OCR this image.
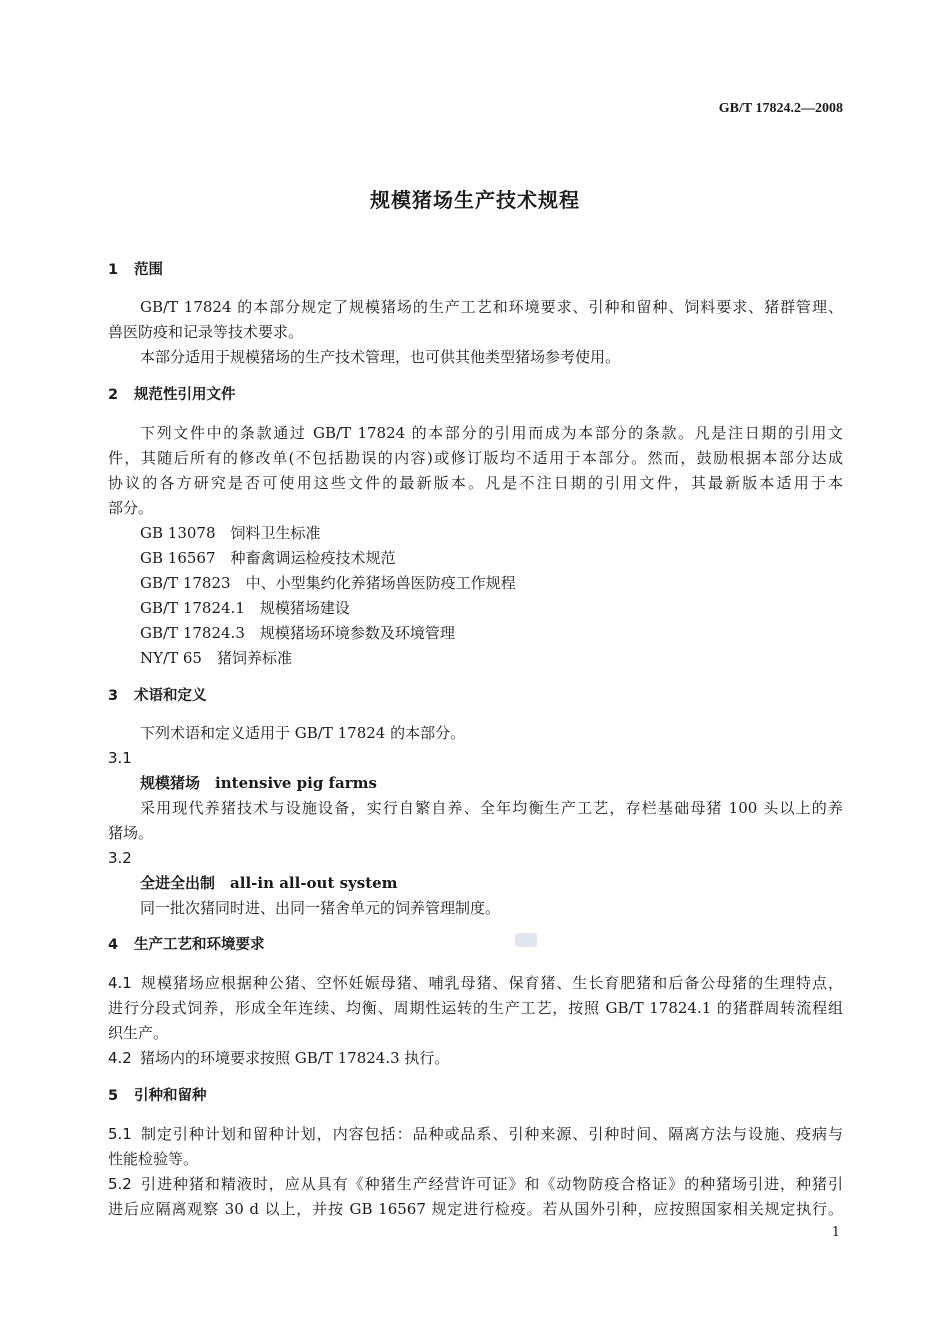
GB/T 17824.2—2008
规模猪场生产技术规程
1 范围
GB/T 17824 的本部分规定了规模猪场的生产工艺和环境要求、引种和留种、饲料要求、猪群管理、
兽医防疫和记录等技术要求。
本部分适用于规模猪场的生产技术管理，也可供其他类型猪场参考使用。
2 规范性引用文件
下列文件中的条款通过 GB/T 17824 的本部分的引用而成为本部分的条款。凡是注日期的引用文
件，其随后所有的修改单(不包括勘误的内容)或修订版均不适用于本部分。然而，鼓励根据本部分达成
协议的各方研究是否可使用这些文件的最新版本。凡是不注日期的引用文件，其最新版本适用于本
部分。
GB 13078　 饲料卫生标准
GB 16567　 种畜禽调运检疫技术规范
GB/T 17823　 中、小型集约化养猪场兽医防疫工作规程
GB/T 17824.1　 规模猪场建设
GB/T 17824.3　 规模猪场环境参数及环境管理
NY/T 65　 猪饲养标准
3 术语和定义
下列术语和定义适用于 GB/T 17824 的本部分。
3.1
规模猪场　 intensive pig farms
采用现代养猪技术与设施设备，实行自繁自养、全年均衡生产工艺，存栏基础母猪 100 头以上的养
猪场。
3.2
全进全出制　 all-in all-out system
同一批次猪同时进、出同一猪舍单元的饲养管理制度。
4 生产工艺和环境要求
4.1 规模猪场应根据种公猪、空怀妊娠母猪、哺乳母猪、保育猪、生长育肥猪和后备公母猪的生理特点，
进行分段式饲养，形成全年连续、均衡、周期性运转的生产工艺，按照 GB/T 17824.1 的猪群周转流程组
织生产。
4.2 猪场内的环境要求按照 GB/T 17824.3 执行。
5 引种和留种
5.1 制定引种计划和留种计划，内容包括：品种或品系、引种来源、引种时间、隔离方法与设施、疫病与
性能检验等。
5.2 引进种猪和精液时，应从具有《种猪生产经营许可证》和《动物防疫合格证》的种猪场引进，种猪引
进后应隔离观察 30 d 以上，并按 GB 16567 规定进行检疫。若从国外引种，应按照国家相关规定执行。
1
